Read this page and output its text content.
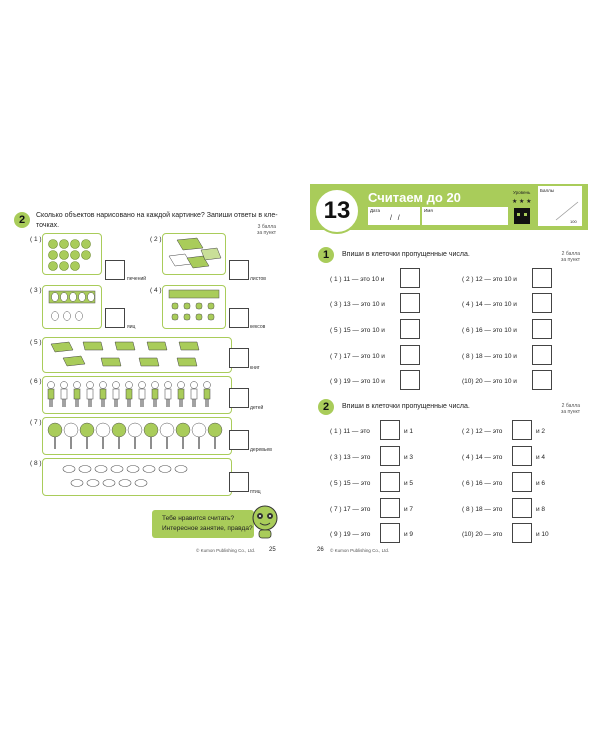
2	Сколько объектов нарисовано на каждой картинке? Запиши ответы в кле-
точках.	3 балла
за пункт
( 1 )
печений
( 2 )
листов
( 3 )
яиц
( 4 )
кексов
( 5 )
книг
( 6 )
детей
( 7 )
деревьев
( 8 )
птиц
Тебе нравится считать?
Интересное занятие, правда?
© Kumon Publishing Co., Ltd. 25
13	Считаем до 20
Дата
/   /
Имя
Уровень
★ ★ ★
Баллы
100
1	Впиши в клеточки пропущенные числа.	2 балла
за пункт
( 1 ) 11 — это 10 и	( 2 ) 12 — это 10 и
( 3 ) 13 — это 10 и	( 4 ) 14 — это 10 и
( 5 ) 15 — это 10 и	( 6 ) 16 — это 10 и
( 7 ) 17 — это 10 и	( 8 ) 18 — это 10 и
( 9 ) 19 — это 10 и	(10) 20 — это 10 и
2	Впиши в клеточки пропущенные числа.	2 балла
за пункт
( 1 ) 11 — это	и 1	( 2 ) 12 — это	и 2
( 3 ) 13 — это	и 3	( 4 ) 14 — это	и 4
( 5 ) 15 — это	и 5	( 6 ) 16 — это	и 6
( 7 ) 17 — это	и 7	( 8 ) 18 — это	и 8
( 9 ) 19 — это	и 9	(10) 20 — это	и 10
26 © Kumon Publishing Co., Ltd.
